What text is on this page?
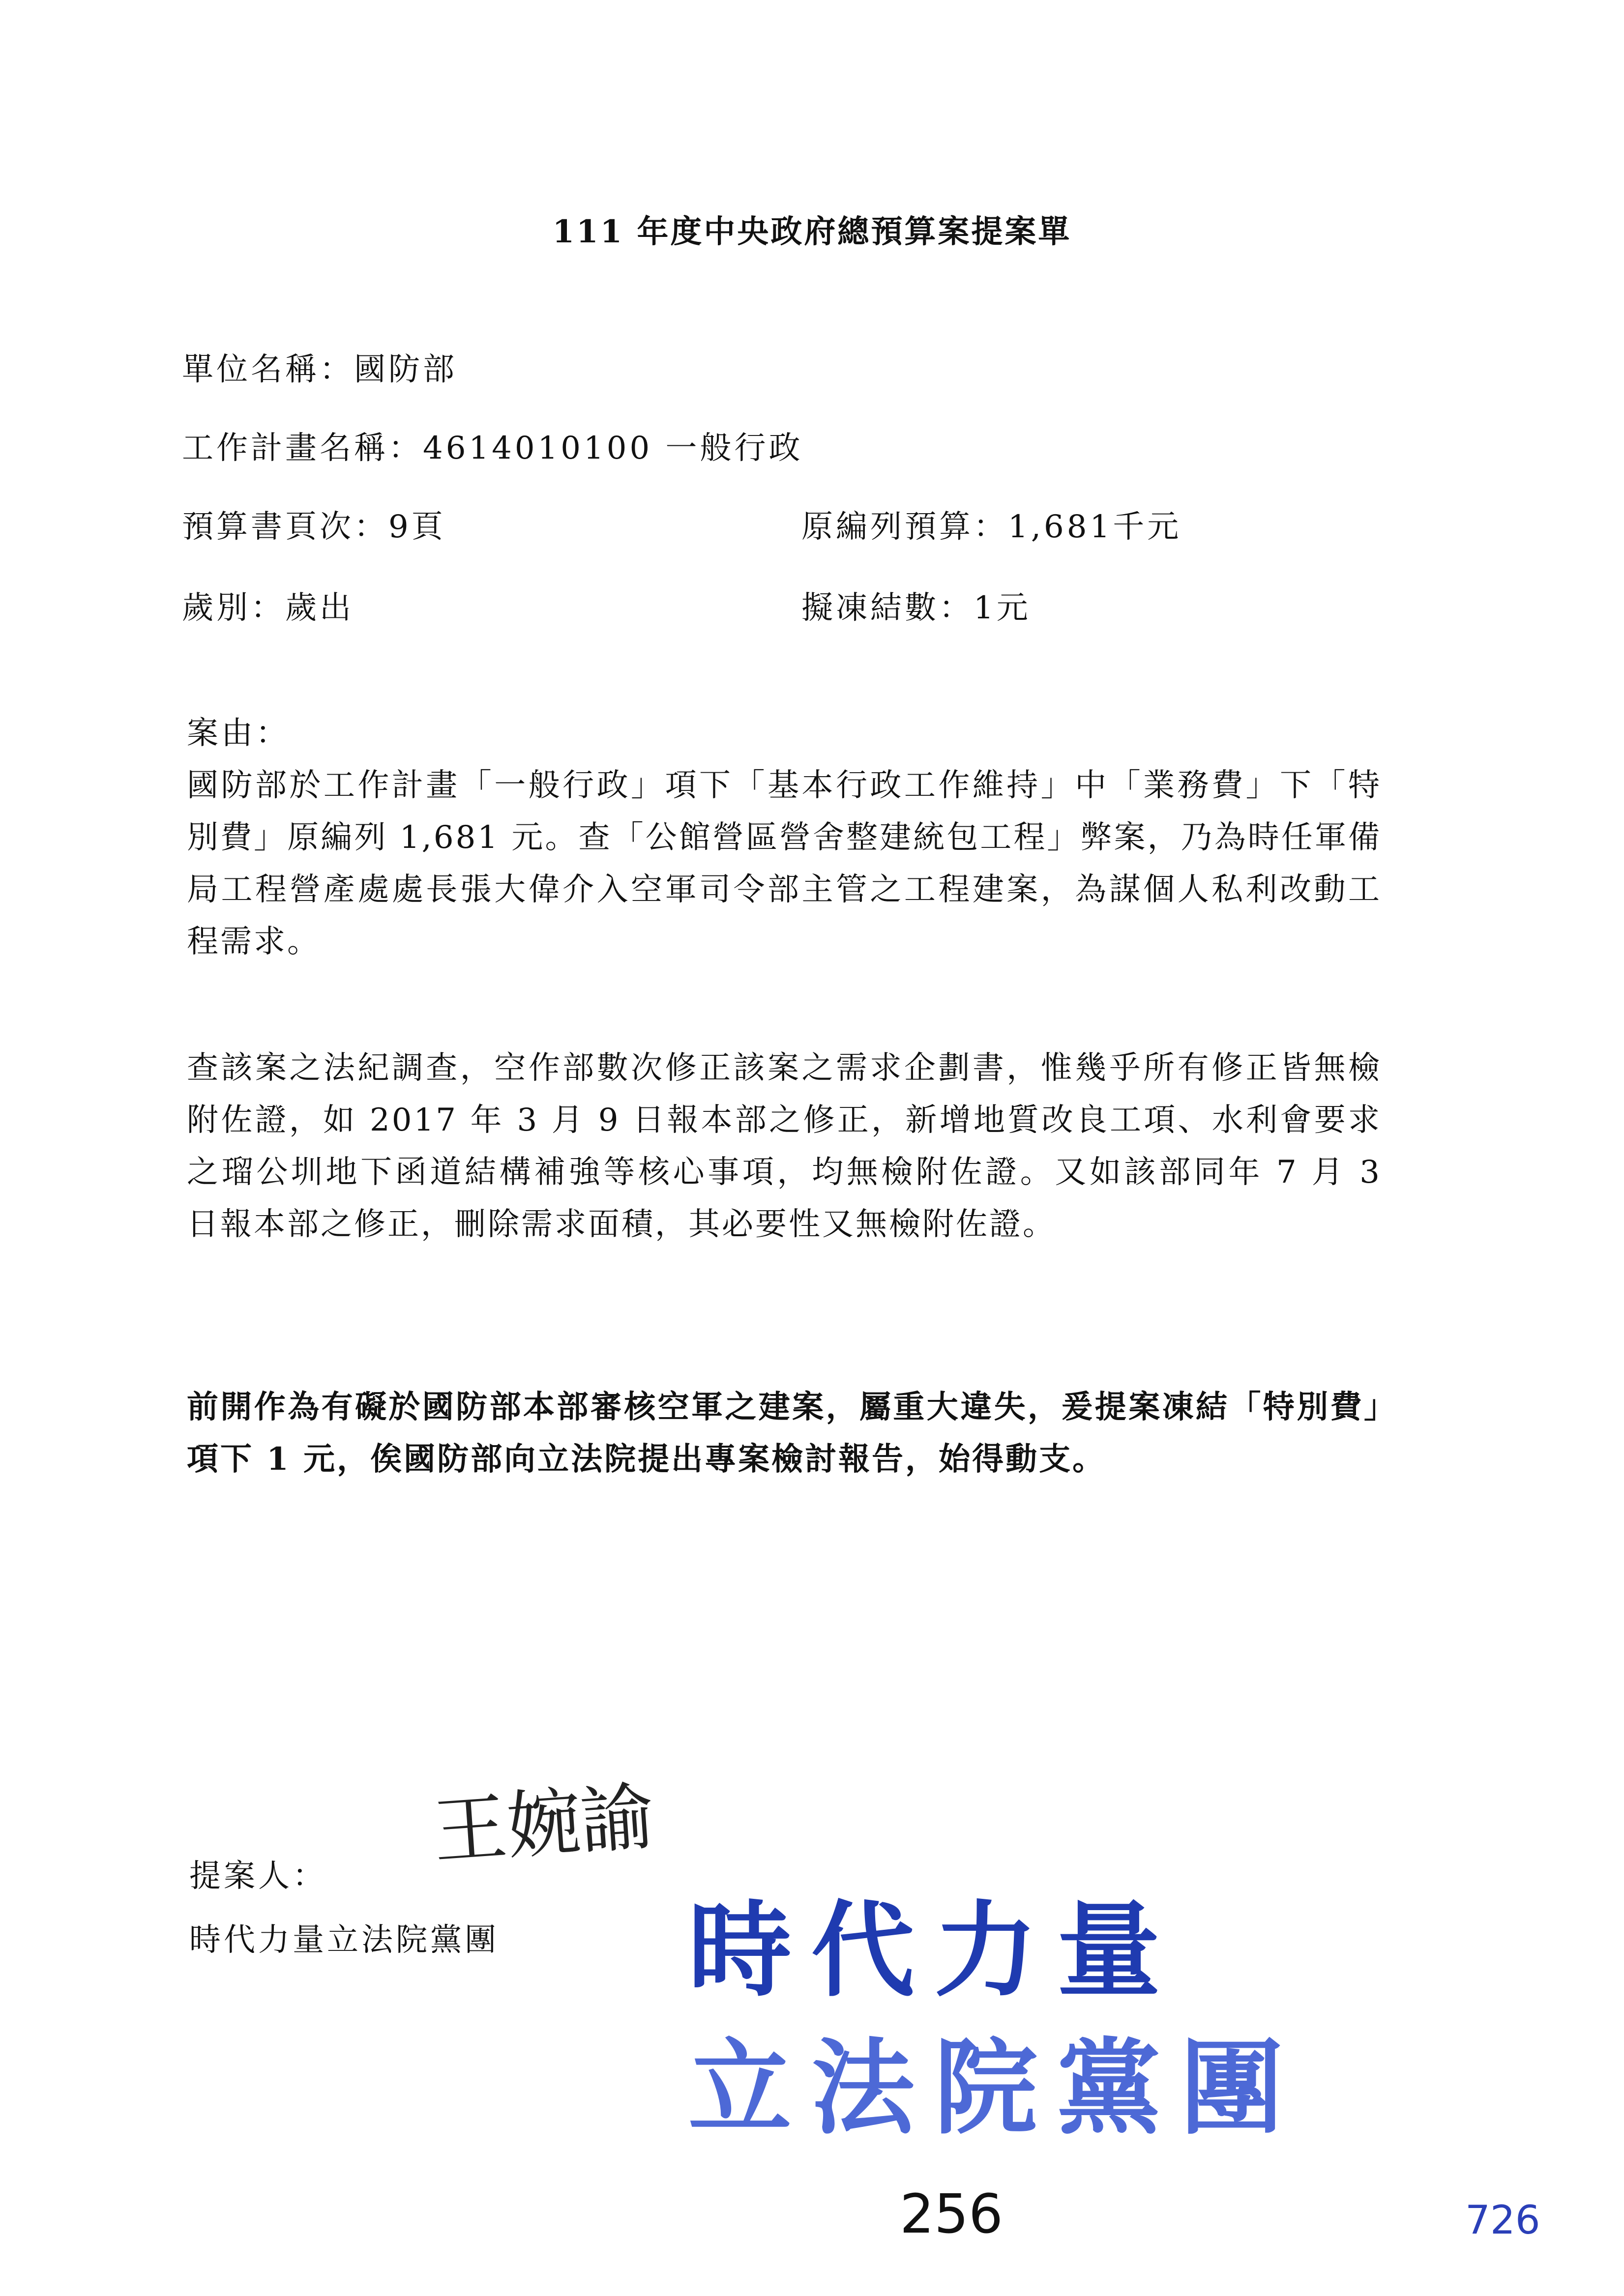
111 年度中央政府總預算案提案單
單位名稱：國防部
工作計畫名稱：4614010100 一般行政
預算書頁次：9頁	原編列預算：1,681千元
歲別：歲出	擬凍結數：1元
案由：
國防部於工作計畫「一般行政」項下「基本行政工作維持」中「業務費」下「特別費」原編列 1,681 元。查「公館營區營舍整建統包工程」弊案，乃為時任軍備局工程營產處處長張大偉介入空軍司令部主管之工程建案，為謀個人私利改動工程需求。
查該案之法紀調查，空作部數次修正該案之需求企劃書，惟幾乎所有修正皆無檢附佐證，如 2017 年 3 月 9 日報本部之修正，新增地質改良工項、水利會要求之瑠公圳地下函道結構補強等核心事項，均無檢附佐證。又如該部同年 7 月 3 日報本部之修正，刪除需求面積，其必要性又無檢附佐證。
前開作為有礙於國防部本部審核空軍之建案，屬重大違失，爰提案凍結「特別費」項下 1 元，俟國防部向立法院提出專案檢討報告，始得動支。
提案人：
時代力量立法院黨團
王婉諭
時代力量
立法院黨團
256	726
